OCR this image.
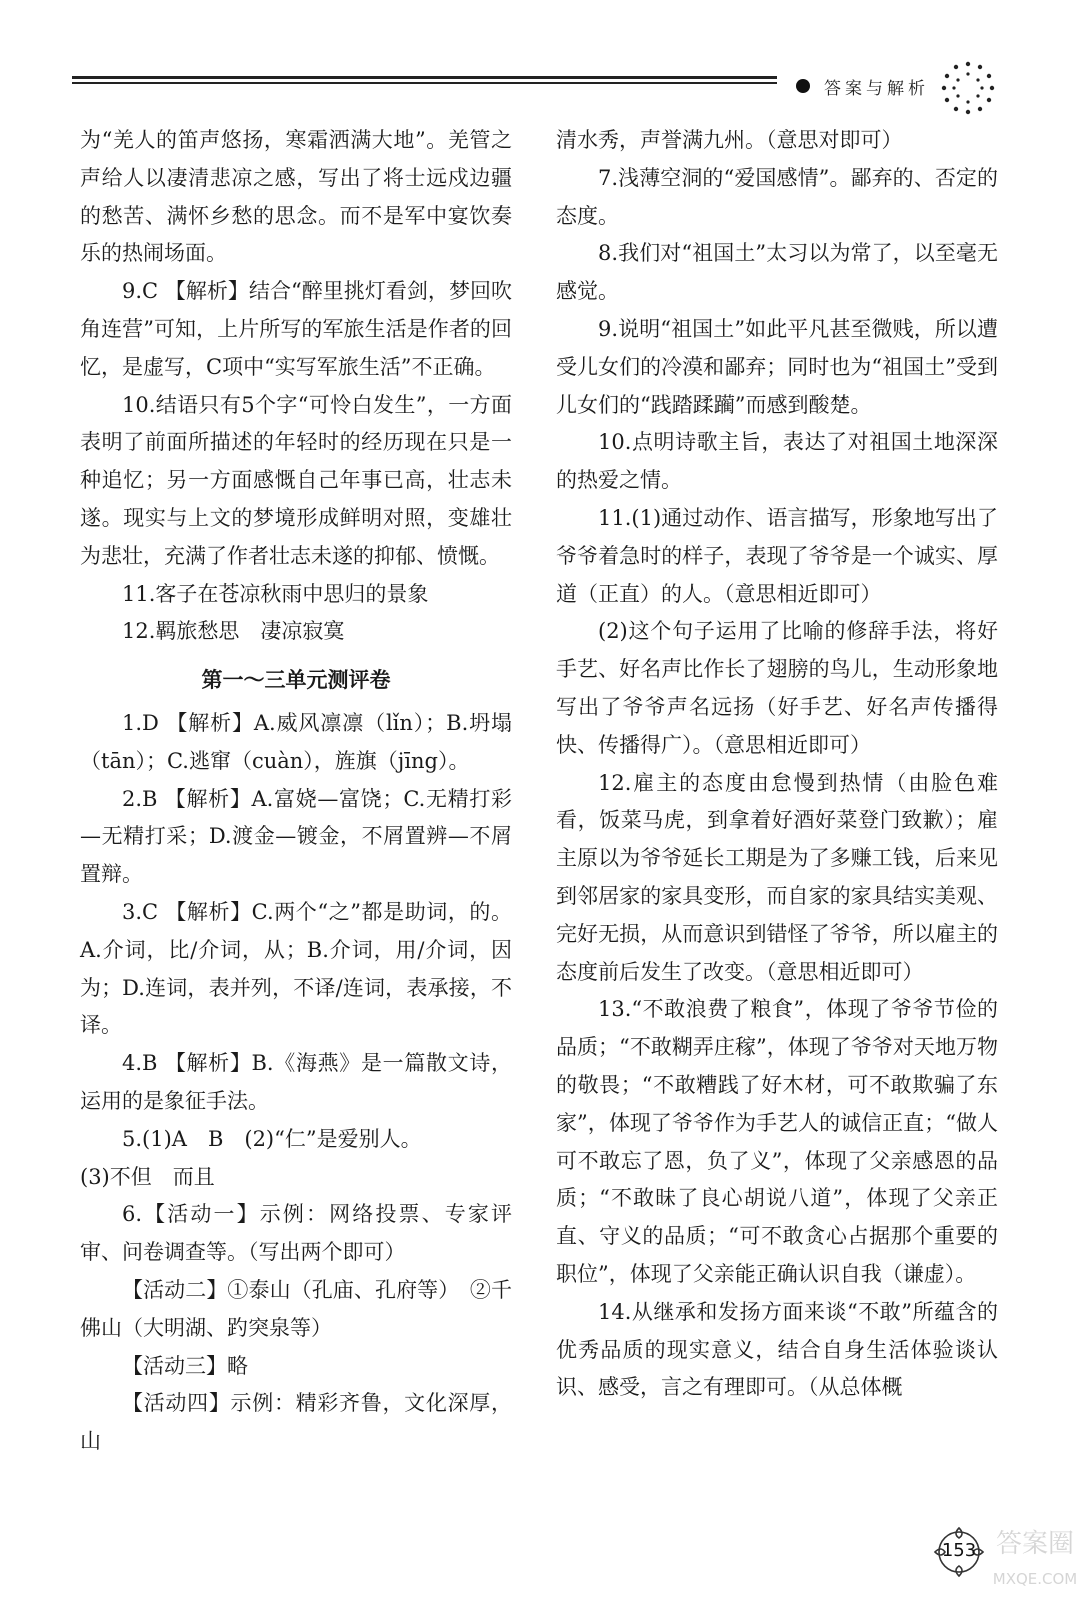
答案与解析

为“羌人的笛声悠扬，寒霜洒满大地”。羌管之声给人以凄清悲凉之感，写出了将士远戍边疆的愁苦、满怀乡愁的思念。而不是军中宴饮奏乐的热闹场面。

9.C 【解析】结合“醉里挑灯看剑，梦回吹角连营”可知，上片所写的军旅生活是作者的回忆，是虚写，C项中“实写军旅生活”不正确。

10.结语只有5个字“可怜白发生”，一方面表明了前面所描述的年轻时的经历现在只是一种追忆；另一方面感慨自己年事已高，壮志未遂。现实与上文的梦境形成鲜明对照，变雄壮为悲壮，充满了作者壮志未遂的抑郁、愤慨。

11.客子在苍凉秋雨中思归的景象

12.羁旅愁思　凄凉寂寞

第一～三单元测评卷

1.D 【解析】A.威风凛凛（lǐn）；B.坍塌（tān）；C.逃窜（cuàn），旌旗（jīng）。

2.B 【解析】A.富娆—富饶；C.无精打彩—无精打采；D.渡金—镀金，不屑置辨—不屑置辩。

3.C 【解析】C.两个“之”都是助词，的。A.介词，比/介词，从；B.介词，用/介词，因为；D.连词，表并列，不译/连词，表承接，不译。

4.B 【解析】B.《海燕》是一篇散文诗，运用的是象征手法。

5.(1)A　B　(2)“仁”是爱别人。

(3)不但　而且

6.【活动一】示例：网络投票、专家评审、问卷调查等。（写出两个即可）

【活动二】①泰山（孔庙、孔府等）　②千佛山（大明湖、趵突泉等）

【活动三】略

【活动四】示例：精彩齐鲁，文化深厚，山

清水秀，声誉满九州。（意思对即可）

7.浅薄空洞的“爱国感情”。鄙弃的、否定的态度。

8.我们对“祖国土”太习以为常了，以至毫无感觉。

9.说明“祖国土”如此平凡甚至微贱，所以遭受儿女们的冷漠和鄙弃；同时也为“祖国土”受到儿女们的“践踏蹂躏”而感到酸楚。

10.点明诗歌主旨，表达了对祖国土地深深的热爱之情。

11.(1)通过动作、语言描写，形象地写出了爷爷着急时的样子，表现了爷爷是一个诚实、厚道（正直）的人。（意思相近即可）

(2)这个句子运用了比喻的修辞手法，将好手艺、好名声比作长了翅膀的鸟儿，生动形象地写出了爷爷声名远扬（好手艺、好名声传播得快、传播得广）。（意思相近即可）

12.雇主的态度由怠慢到热情（由脸色难看，饭菜马虎，到拿着好酒好菜登门致歉）；雇主原以为爷爷延长工期是为了多赚工钱，后来见到邻居家的家具变形，而自家的家具结实美观、完好无损，从而意识到错怪了爷爷，所以雇主的态度前后发生了改变。（意思相近即可）

13.“不敢浪费了粮食”，体现了爷爷节俭的品质；“不敢糊弄庄稼”，体现了爷爷对天地万物的敬畏；“不敢糟践了好木材，可不敢欺骗了东家”，体现了爷爷作为手艺人的诚信正直；“做人可不敢忘了恩，负了义”，体现了父亲感恩的品质；“不敢昧了良心胡说八道”，体现了父亲正直、守义的品质；“可不敢贪心占据那个重要的职位”，体现了父亲能正确认识自我（谦虚）。

14.从继承和发扬方面来谈“不敢”所蕴含的优秀品质的现实意义，结合自身生活体验谈认识、感受，言之有理即可。（从总体概

153 答案圈
MXQE.COM
